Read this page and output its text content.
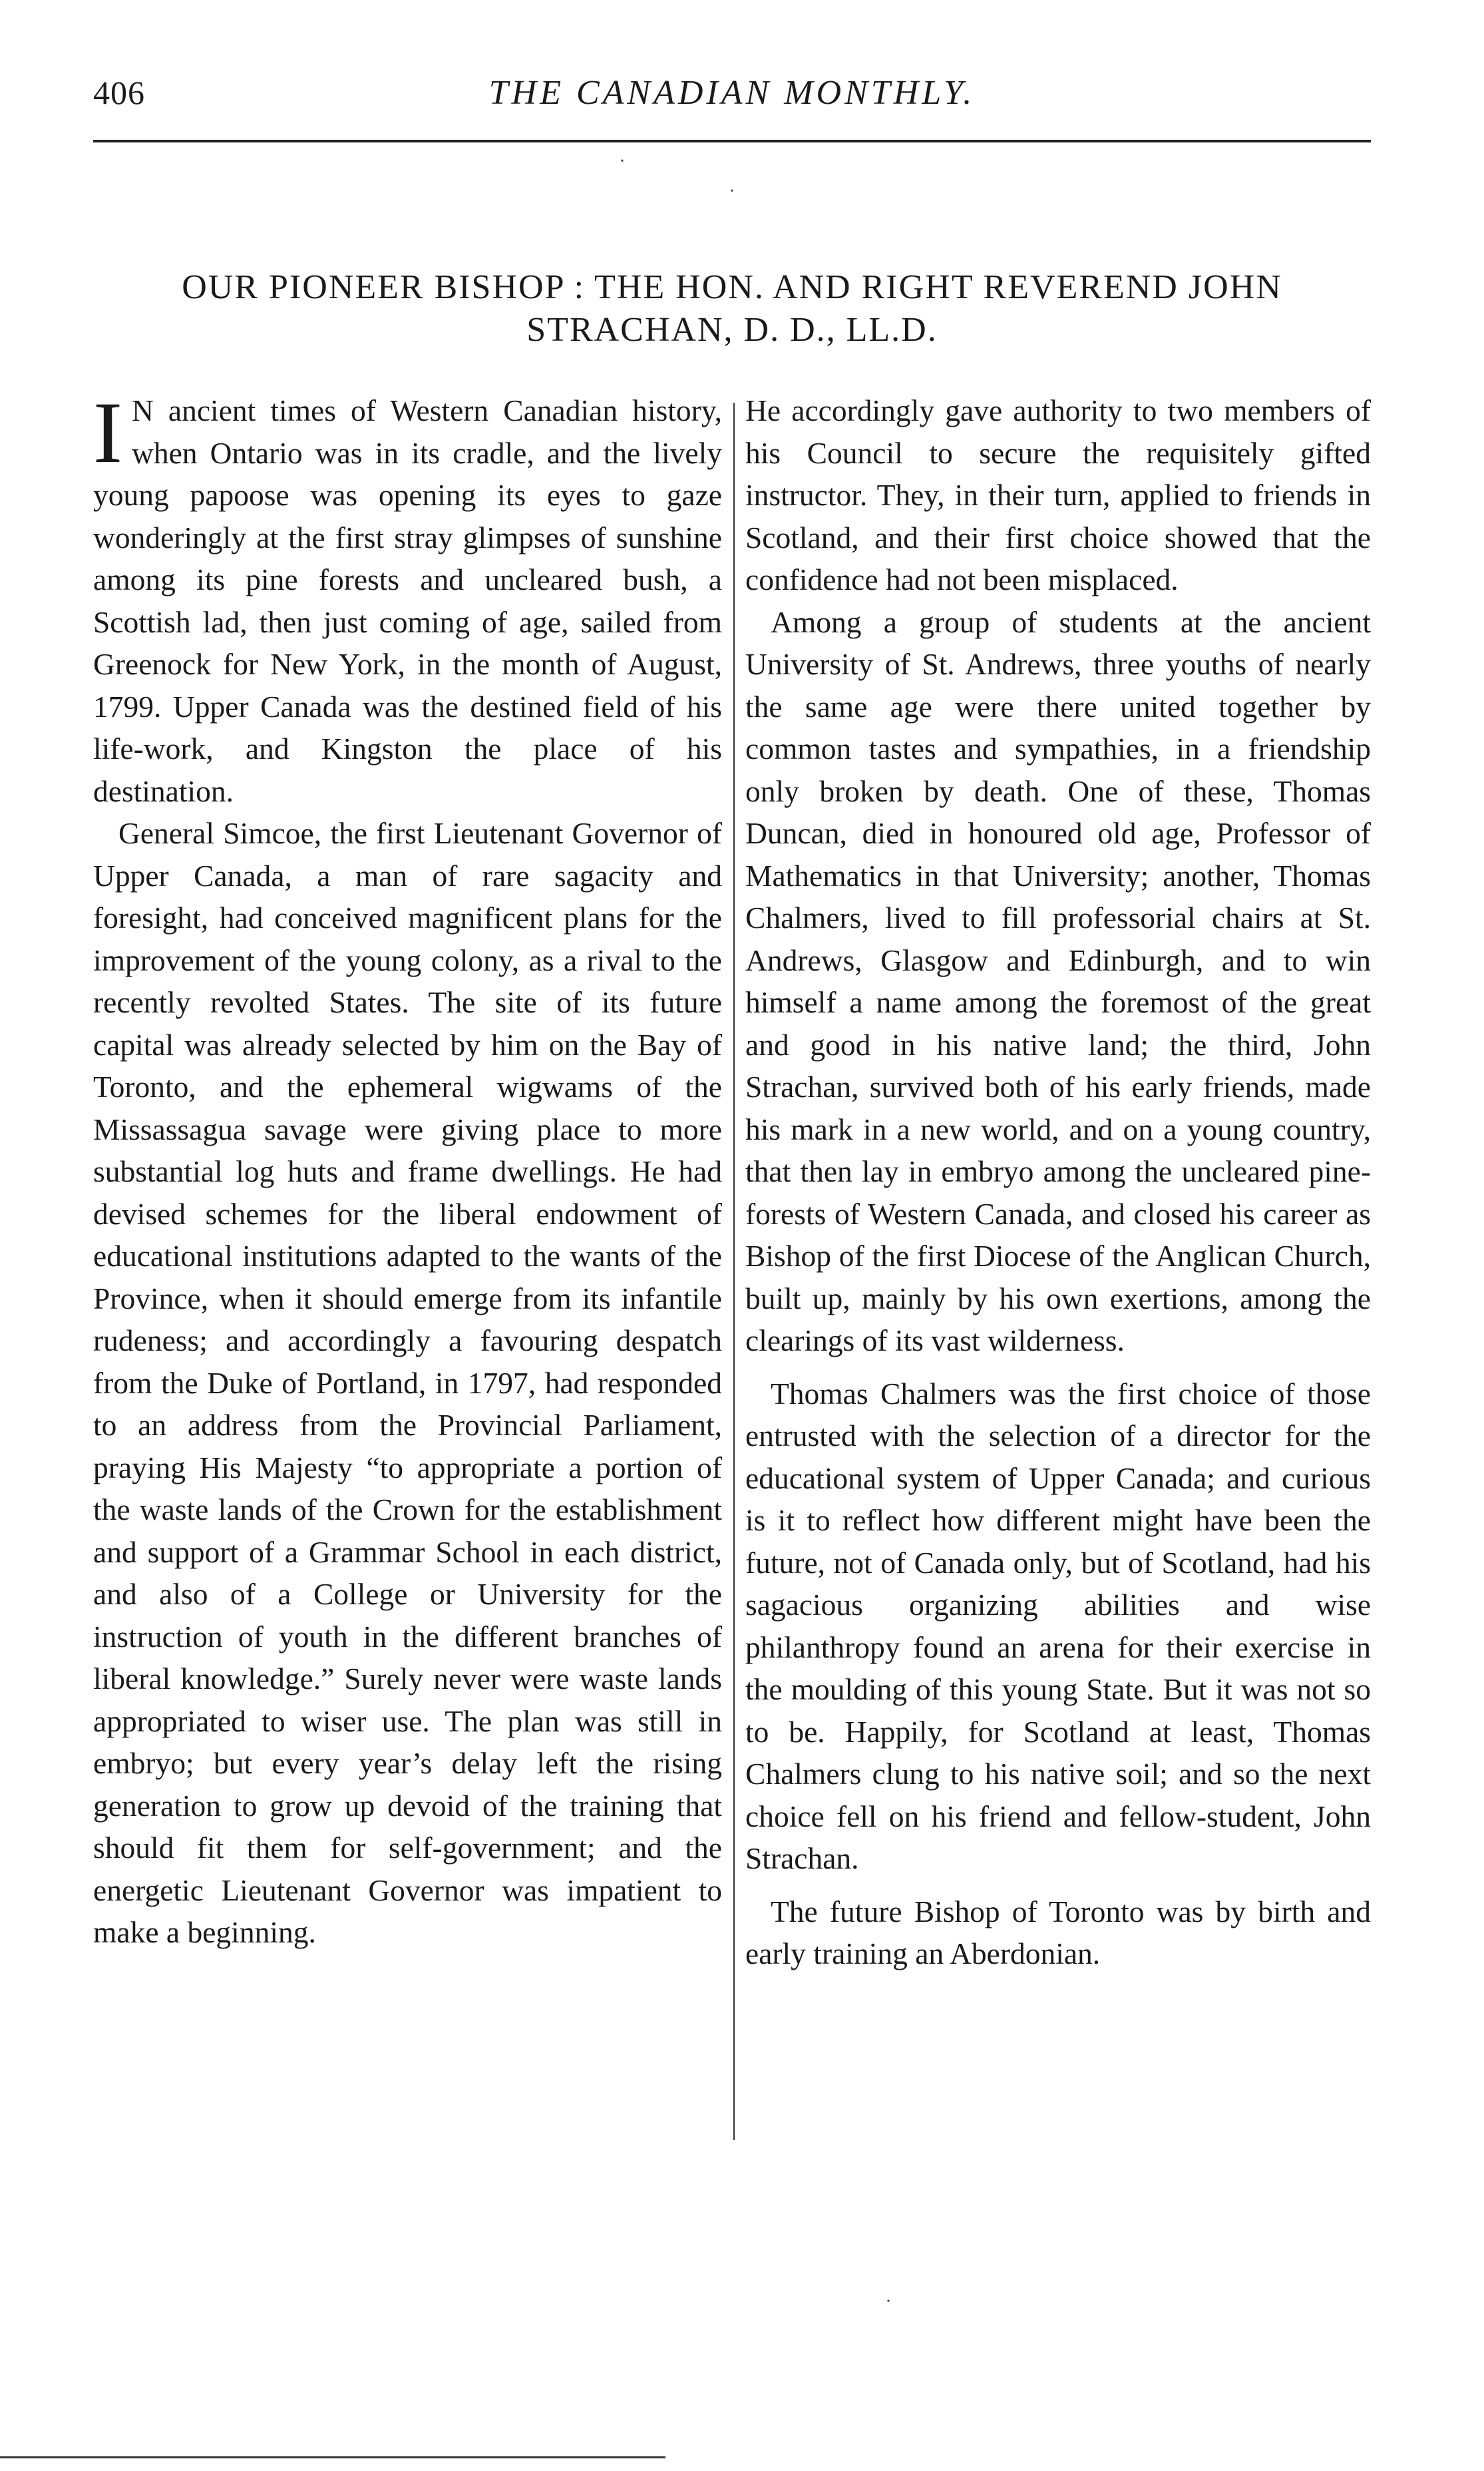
406	THE CANADIAN MONTHLY.
·
·
OUR PIONEER BISHOP : THE HON. AND RIGHT REVEREND JOHN
STRACHAN, D. D., LL.D.

I N ancient times of Western Canadian history, when Ontario was in its cradle, and the lively young papoose was opening its eyes to gaze wonderingly at the first stray glimpses of sunshine among its pine forests and uncleared bush, a Scottish lad, then just coming of age, sailed from Greenock for New York, in the month of August, 1799. Upper Canada was the destined field of his life-work, and Kingston the place of his destination.

General Simcoe, the first Lieutenant Governor of Upper Canada, a man of rare sagacity and foresight, had conceived magnificent plans for the improvement of the young colony, as a rival to the recently revolted States. The site of its future capital was already selected by him on the Bay of Toronto, and the ephemeral wigwams of the Missassagua savage were giving place to more substantial log huts and frame dwellings. He had devised schemes for the liberal endowment of educational institutions adapted to the wants of the Province, when it should emerge from its infantile rudeness; and accordingly a favouring despatch from the Duke of Portland, in 1797, had responded to an address from the Provincial Parliament, praying His Majesty “to appropriate a portion of the waste lands of the Crown for the establishment and support of a Grammar School in each district, and also of a College or University for the instruction of youth in the different branches of liberal knowledge.” Surely never were waste lands appropriated to wiser use. The plan was still in embryo; but every year’s delay left the rising generation to grow up devoid of the training that should fit them for self-government; and the energetic Lieutenant Governor was impatient to make a beginning.

He accordingly gave authority to two members of his Council to secure the requisitely gifted instructor. They, in their turn, applied to friends in Scotland, and their first choice showed that the confidence had not been misplaced.

Among a group of students at the ancient University of St. Andrews, three youths of nearly the same age were there united together by common tastes and sympathies, in a friendship only broken by death. One of these, Thomas Duncan, died in honoured old age, Professor of Mathematics in that University; another, Thomas Chalmers, lived to fill professorial chairs at St. Andrews, Glasgow and Edinburgh, and to win himself a name among the foremost of the great and good in his native land; the third, John Strachan, survived both of his early friends, made his mark in a new world, and on a young country, that then lay in embryo among the uncleared pine-forests of Western Canada, and closed his career as Bishop of the first Diocese of the Anglican Church, built up, mainly by his own exertions, among the clearings of its vast wilderness.

Thomas Chalmers was the first choice of those entrusted with the selection of a director for the educational system of Upper Canada; and curious is it to reflect how different might have been the future, not of Canada only, but of Scotland, had his sagacious organizing abilities and wise philanthropy found an arena for their exercise in the moulding of this young State. But it was not so to be. Happily, for Scotland at least, Thomas Chalmers clung to his native soil; and so the next choice fell on his friend and fellow-student, John Strachan.

The future Bishop of Toronto was by birth and early training an Aberdonian.

·
